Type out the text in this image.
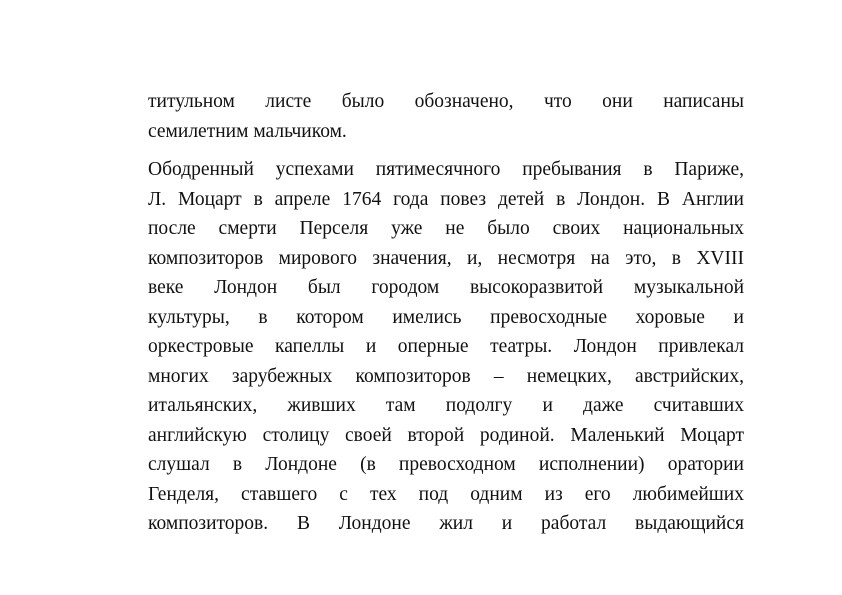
титульном листе было обозначено, что они написаны
семилетним мальчиком.

Ободренный успехами пятимесячного пребывания в Париже,
Л. Моцарт в апреле 1764 года повез детей в Лондон. В Англии
после смерти Перселя уже не было своих национальных
композиторов мирового значения, и, несмотря на это, в XVIII
веке Лондон был городом высокоразвитой музыкальной
культуры, в котором имелись превосходные хоровые и
оркестровые капеллы и оперные театры. Лондон привлекал
многих зарубежных композиторов – немецких, австрийских,
итальянских, живших там подолгу и даже считавших
английскую столицу своей второй родиной. Маленький Моцарт
слушал в Лондоне (в превосходном исполнении) оратории
Генделя, ставшего с тех под одним из его любимейших
композиторов. В Лондоне жил и работал выдающийся
